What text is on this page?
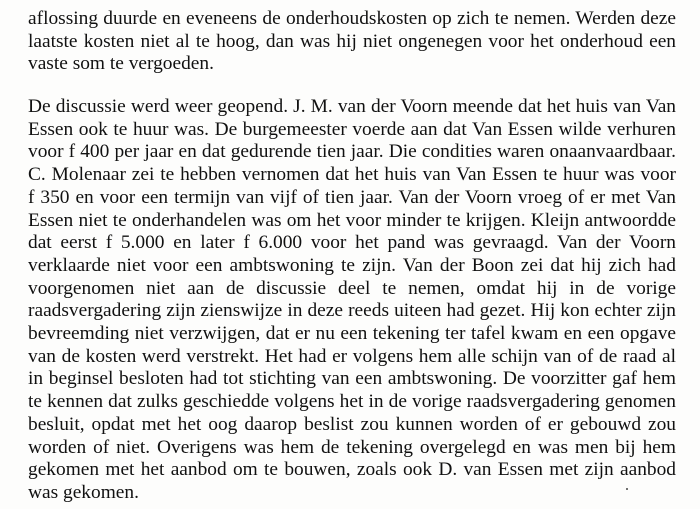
aflossing duurde en eveneens de onderhoudskosten op zich te nemen. Werden deze
laatste kosten niet al te hoog, dan was hij niet ongenegen voor het onderhoud een
vaste som te vergoeden.

De discussie werd weer geopend. J. M. van der Voorn meende dat het huis van Van
Essen ook te huur was. De burgemeester voerde aan dat Van Essen wilde verhuren
voor f 400 per jaar en dat gedurende tien jaar. Die condities waren onaanvaardbaar.
C. Molenaar zei te hebben vernomen dat het huis van Van Essen te huur was voor
f 350 en voor een termijn van vijf of tien jaar. Van der Voorn vroeg of er met Van
Essen niet te onderhandelen was om het voor minder te krijgen. Kleijn antwoordde
dat eerst f 5.000 en later f 6.000 voor het pand was gevraagd. Van der Voorn
verklaarde niet voor een ambtswoning te zijn. Van der Boon zei dat hij zich had
voorgenomen niet aan de discussie deel te nemen, omdat hij in de vorige
raadsvergadering zijn zienswijze in deze reeds uiteen had gezet. Hij kon echter zijn
bevreemding niet verzwijgen, dat er nu een tekening ter tafel kwam en een opgave
van de kosten werd verstrekt. Het had er volgens hem alle schijn van of de raad al
in beginsel besloten had tot stichting van een ambtswoning. De voorzitter gaf hem
te kennen dat zulks geschiedde volgens het in de vorige raadsvergadering genomen
besluit, opdat met het oog daarop beslist zou kunnen worden of er gebouwd zou
worden of niet. Overigens was hem de tekening overgelegd en was men bij hem
gekomen met het aanbod om te bouwen, zoals ook D. van Essen met zijn aanbod
was gekomen.
